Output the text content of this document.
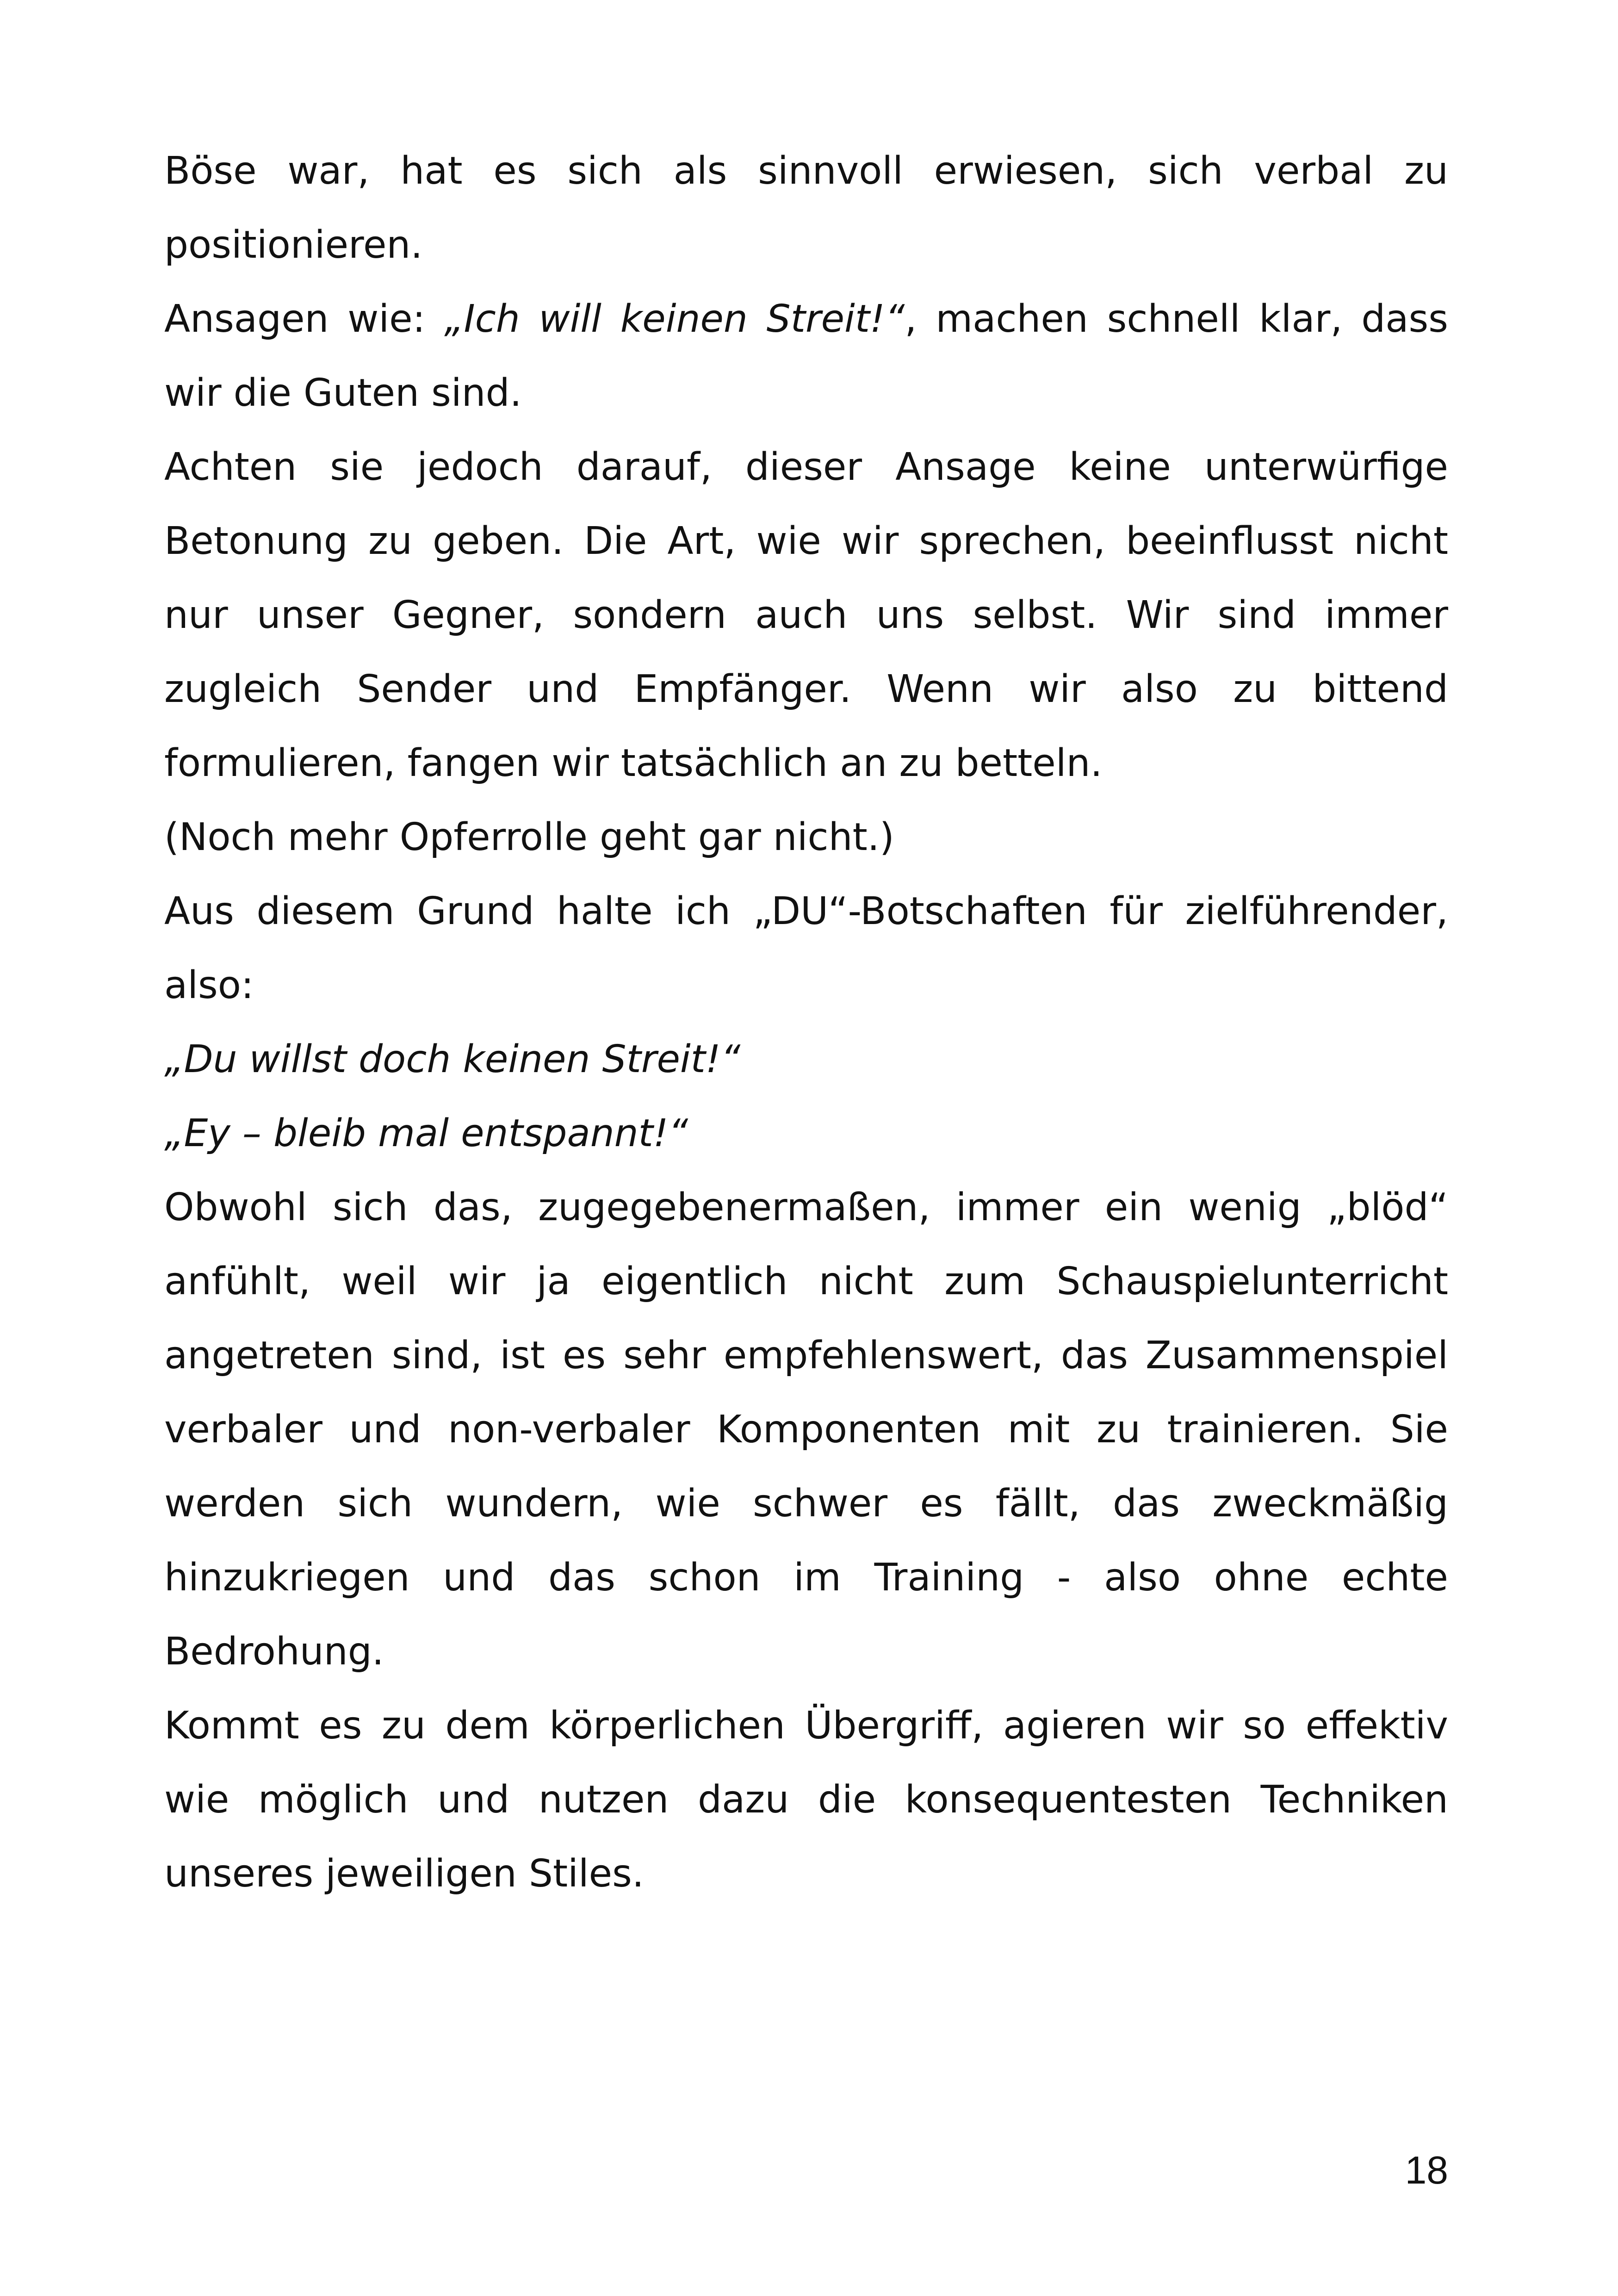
Böse war, hat es sich als sinnvoll erwiesen, sich verbal zu positionieren.

Ansagen wie: „Ich will keinen Streit!“, machen schnell klar, dass wir die Guten sind.

Achten sie jedoch darauf, dieser Ansage keine unterwürfige Betonung zu geben. Die Art, wie wir sprechen, beeinflusst nicht nur unser Gegner, sondern auch uns selbst. Wir sind immer zugleich Sender und Empfänger. Wenn wir also zu bittend formulieren, fangen wir tatsächlich an zu betteln.

(Noch mehr Opferrolle geht gar nicht.)

Aus diesem Grund halte ich „DU“-Botschaften für zielführender, also:

„Du willst doch keinen Streit!“

„Ey – bleib mal entspannt!“

Obwohl sich das, zugegebenermaßen, immer ein wenig „blöd“ anfühlt, weil wir ja eigentlich nicht zum Schauspielunterricht angetreten sind, ist es sehr empfehlenswert, das Zusammenspiel verbaler und non-verbaler Komponenten mit zu trainieren. Sie werden sich wundern, wie schwer es fällt, das zweckmäßig hinzukriegen und das schon im Training - also ohne echte Bedrohung.

Kommt es zu dem körperlichen Übergriff, agieren wir so effektiv wie möglich und nutzen dazu die konsequentesten Techniken unseres jeweiligen Stiles.

18
